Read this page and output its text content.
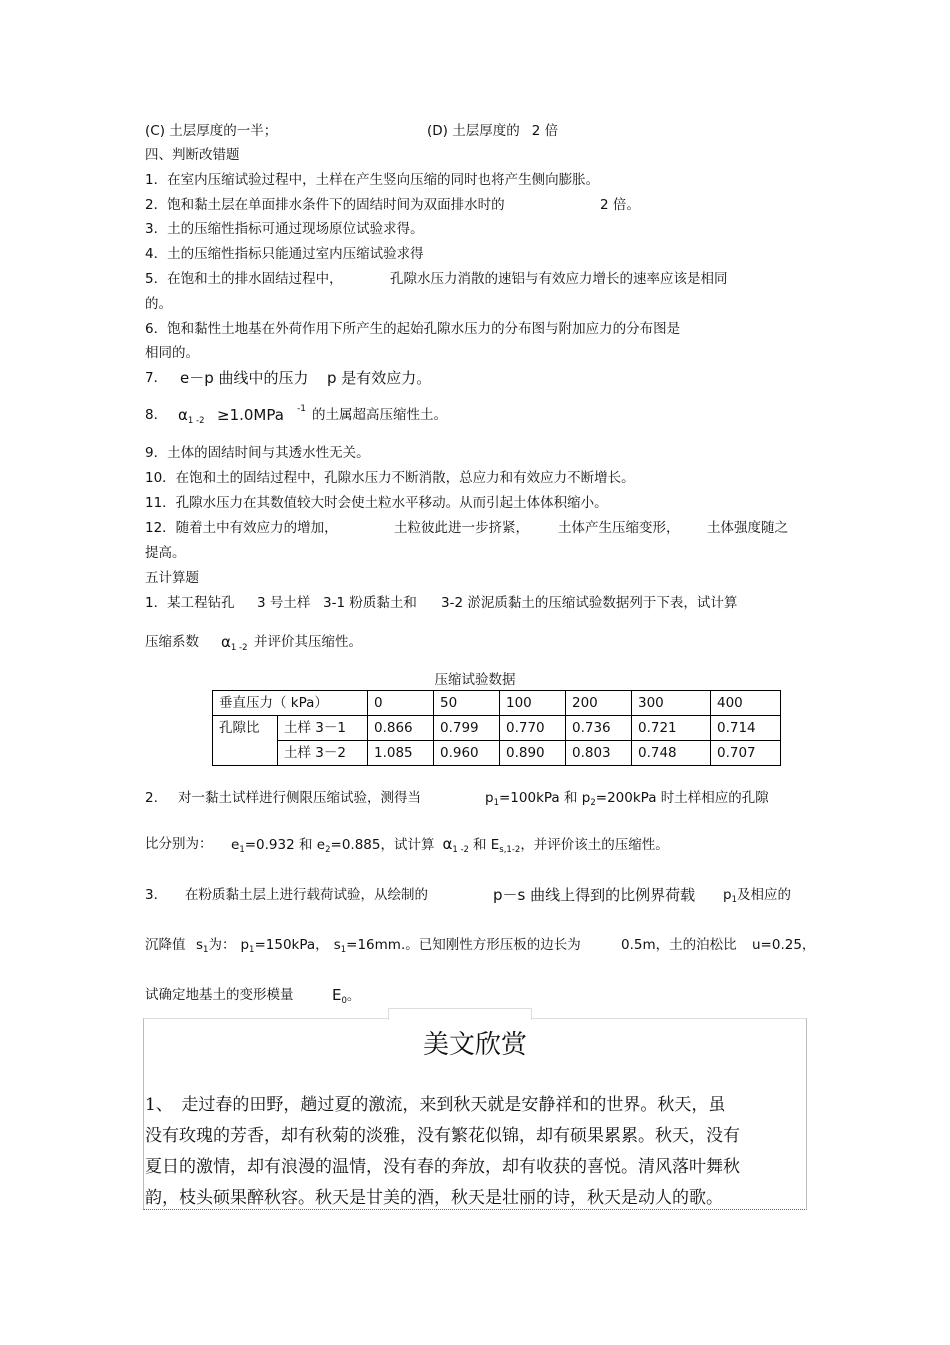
(C) 土层厚度的一半；	(D) 土层厚度的 2 倍
四、判断改错题
1．在室内压缩试验过程中，土样在产生竖向压缩的同时也将产生侧向膨胀。
2．饱和黏土层在单面排水条件下的固结时间为双面排水时的	2 倍。
3．土的压缩性指标可通过现场原位试验求得。
4．土的压缩性指标只能通过室内压缩试验求得
5．在饱和土的排水固结过程中，	孔隙水压力消散的速铝与有效应力增长的速率应该是相同
的。
6．饱和黏性土地基在外荷作用下所产生的起始孔隙水压力的分布图与附加应力的分布图是
相同的。
7． e－p 曲线中的压力 p 是有效应力。
8． $\alpha_{1 -2} \ge 1.0MPa$ -1 的土属超高压缩性土。
9．土体的固结时间与其透水性无关。
10．在饱和土的固结过程中，孔隙水压力不断消散，总应力和有效应力不断增长。
11．孔隙水压力在其数值较大时会使土粒水平移动。从而引起土体体积缩小。
12．随着土中有效应力的增加，	土粒彼此进一步挤紧， 土体产生压缩变形， 土体强度随之
提高。
五计算题
1．某工程钻孔 3 号土样 3-1 粉质黏土和 3-2 淤泥质黏土的压缩试验数据列于下表，试计算
压缩系数 $\alpha_{1 -2}$ 并评价其压缩性。
压缩试验数据
垂直压力（ kPa）		0	50	100	200	300	400
孔隙比	土样 3－1	0.866	0.799	0.770	0.736	0.721	0.714
	土样 3－2	1.085	0.960	0.890	0.803	0.748	0.707
2. 对一黏土试样进行侧限压缩试验，测得当	$p_1=100kPa$ 和 $p_2=200kPa$ 时土样相应的孔隙
比分别为： $e_1=0.932$ 和 $e_2=0.885$，试计算 $\alpha_{1 -2}$ 和 $E_{s,1-2}$，并评价该土的压缩性。
3． 在粉质黏土层上进行载荷试验，从绘制的	p－s 曲线上得到的比例界荷载 $p_1$及相应的
沉降值 $s_1$为： $p_1=150kPa$， $s_1=16mm$.。已知刚性方形压板的边长为	0.5m，土的泊松比 u=0.25，
试确定地基土的变形模量	$E_0$。
美文欣赏
1、　走过春的田野，趟过夏的激流，来到秋天就是安静祥和的世界。秋天，虽
没有玫瑰的芳香，却有秋菊的淡雅，没有繁花似锦，却有硕果累累。秋天，没有
夏日的激情，却有浪漫的温情，没有春的奔放，却有收获的喜悦。清风落叶舞秋
韵，枝头硕果醉秋容。秋天是甘美的酒，秋天是壮丽的诗，秋天是动人的歌。
